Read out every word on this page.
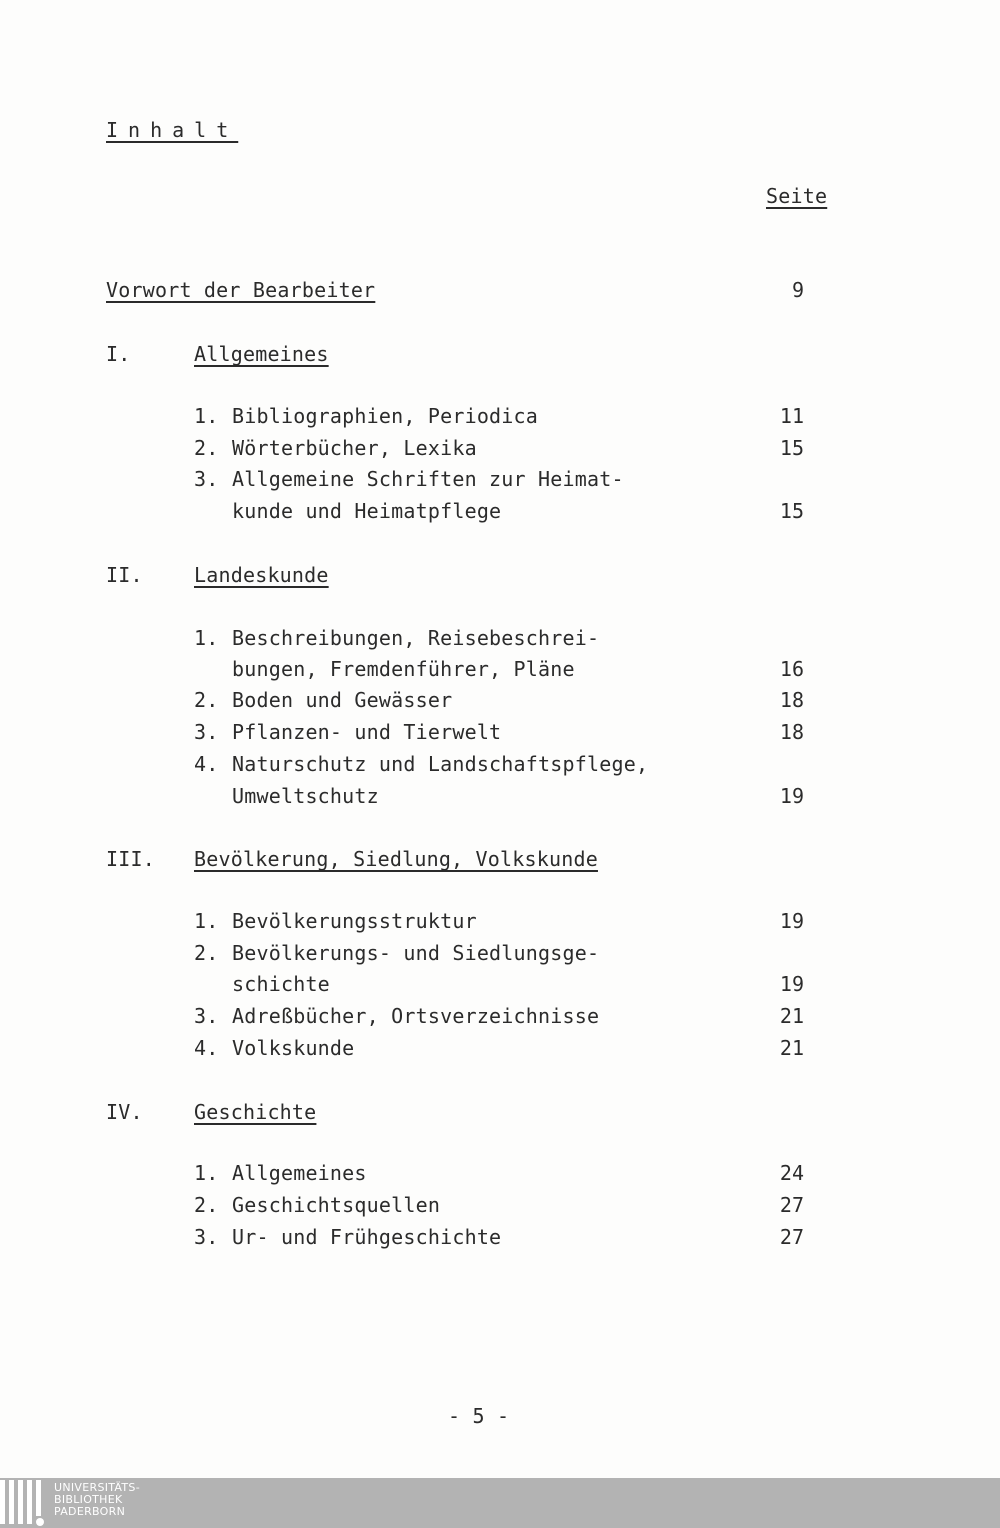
Inhalt
Seite
Vorwort der Bearbeiter	9
I.	Allgemeines
1. Bibliographien, Periodica	11
2. Wörterbücher, Lexika	15
3. Allgemeine Schriften zur Heimat-
kunde und Heimatpflege	15
II.	Landeskunde
1. Beschreibungen, Reisebeschrei-
bungen, Fremdenführer, Pläne	16
2. Boden und Gewässer	18
3. Pflanzen- und Tierwelt	18
4. Naturschutz und Landschaftspflege,
Umweltschutz	19
III. Bevölkerung, Siedlung, Volkskunde
1. Bevölkerungsstruktur	19
2. Bevölkerungs- und Siedlungsge-
schichte	19
3. Adreßbücher, Ortsverzeichnisse	21
4. Volkskunde	21
IV.	Geschichte
1. Allgemeines	24
2. Geschichtsquellen	27
3. Ur- und Frühgeschichte	27
- 5 -
UNIVERSITÄTS-
BIBLIOTHEK
PADERBORN
